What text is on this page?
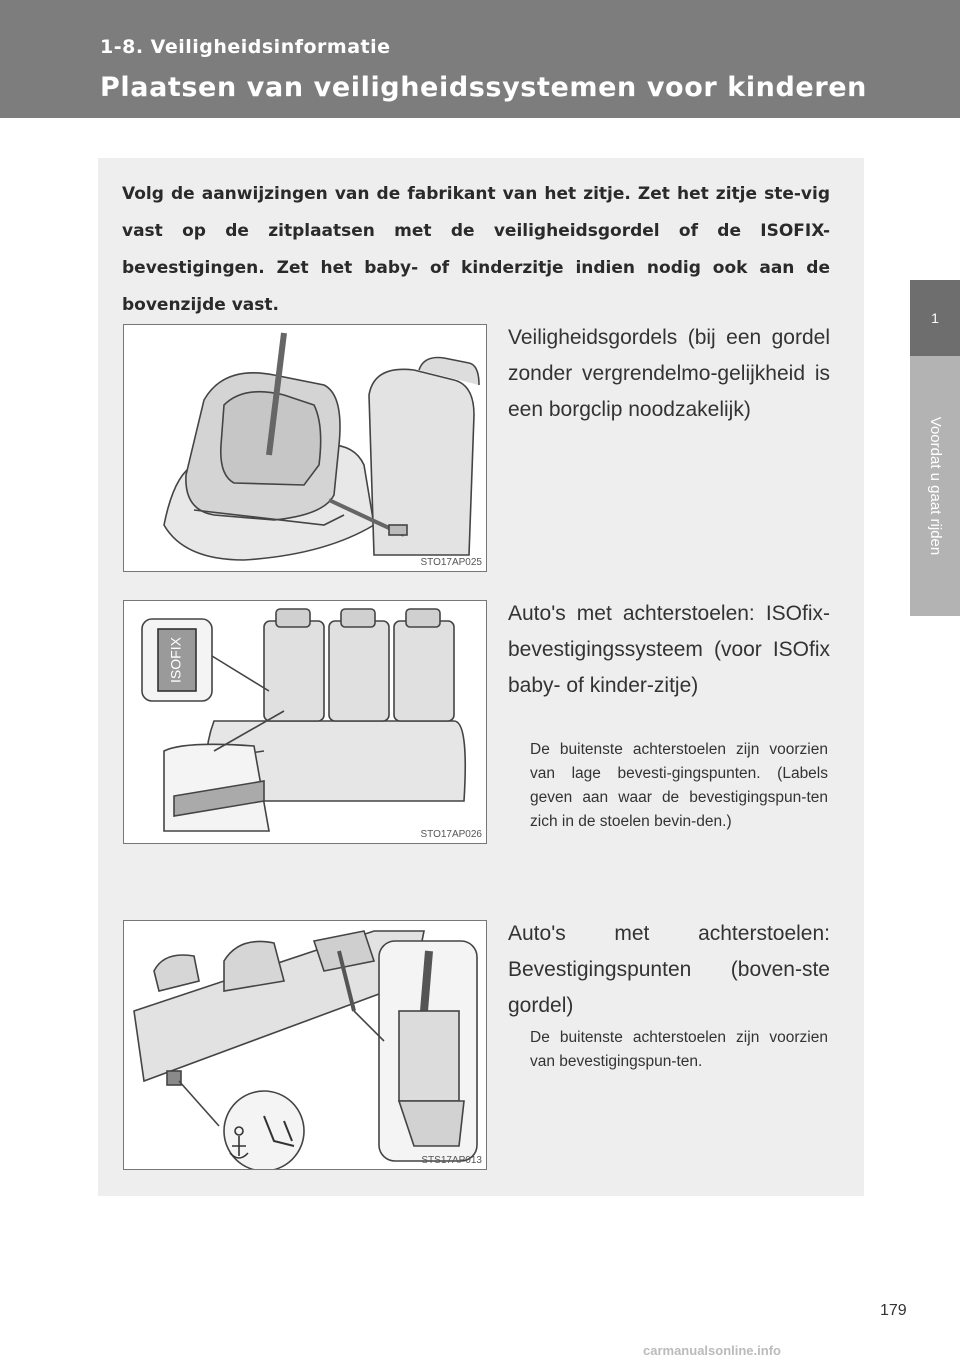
1-8. Veiligheidsinformatie
Plaatsen van veiligheidssystemen voor kinderen
1
Voordat u gaat rijden
Volg de aanwijzingen van de fabrikant van het zitje. Zet het zitje ste-vig vast op de zitplaatsen met de veiligheidsgordel of de ISOFIX-bevestigingen. Zet het baby- of kinderzitje indien nodig ook aan de bovenzijde vast.
STO17AP025
ISOFIX
STO17AP026
STS17AP013
Veiligheidsgordels (bij een gordel zonder vergrendelmo-gelijkheid is een borgclip noodzakelijk)
Auto's met achterstoelen: ISOfix-bevestigingssysteem (voor ISOfix baby- of kinder-zitje)
De buitenste achterstoelen zijn voorzien van lage bevesti-gingspunten. (Labels geven aan waar de bevestigingspun-ten zich in de stoelen bevin-den.)
Auto's met achterstoelen: Bevestigingspunten (boven-ste gordel)
De buitenste achterstoelen zijn voorzien van bevestigingspun-ten.
179
carmanualsonline.info
